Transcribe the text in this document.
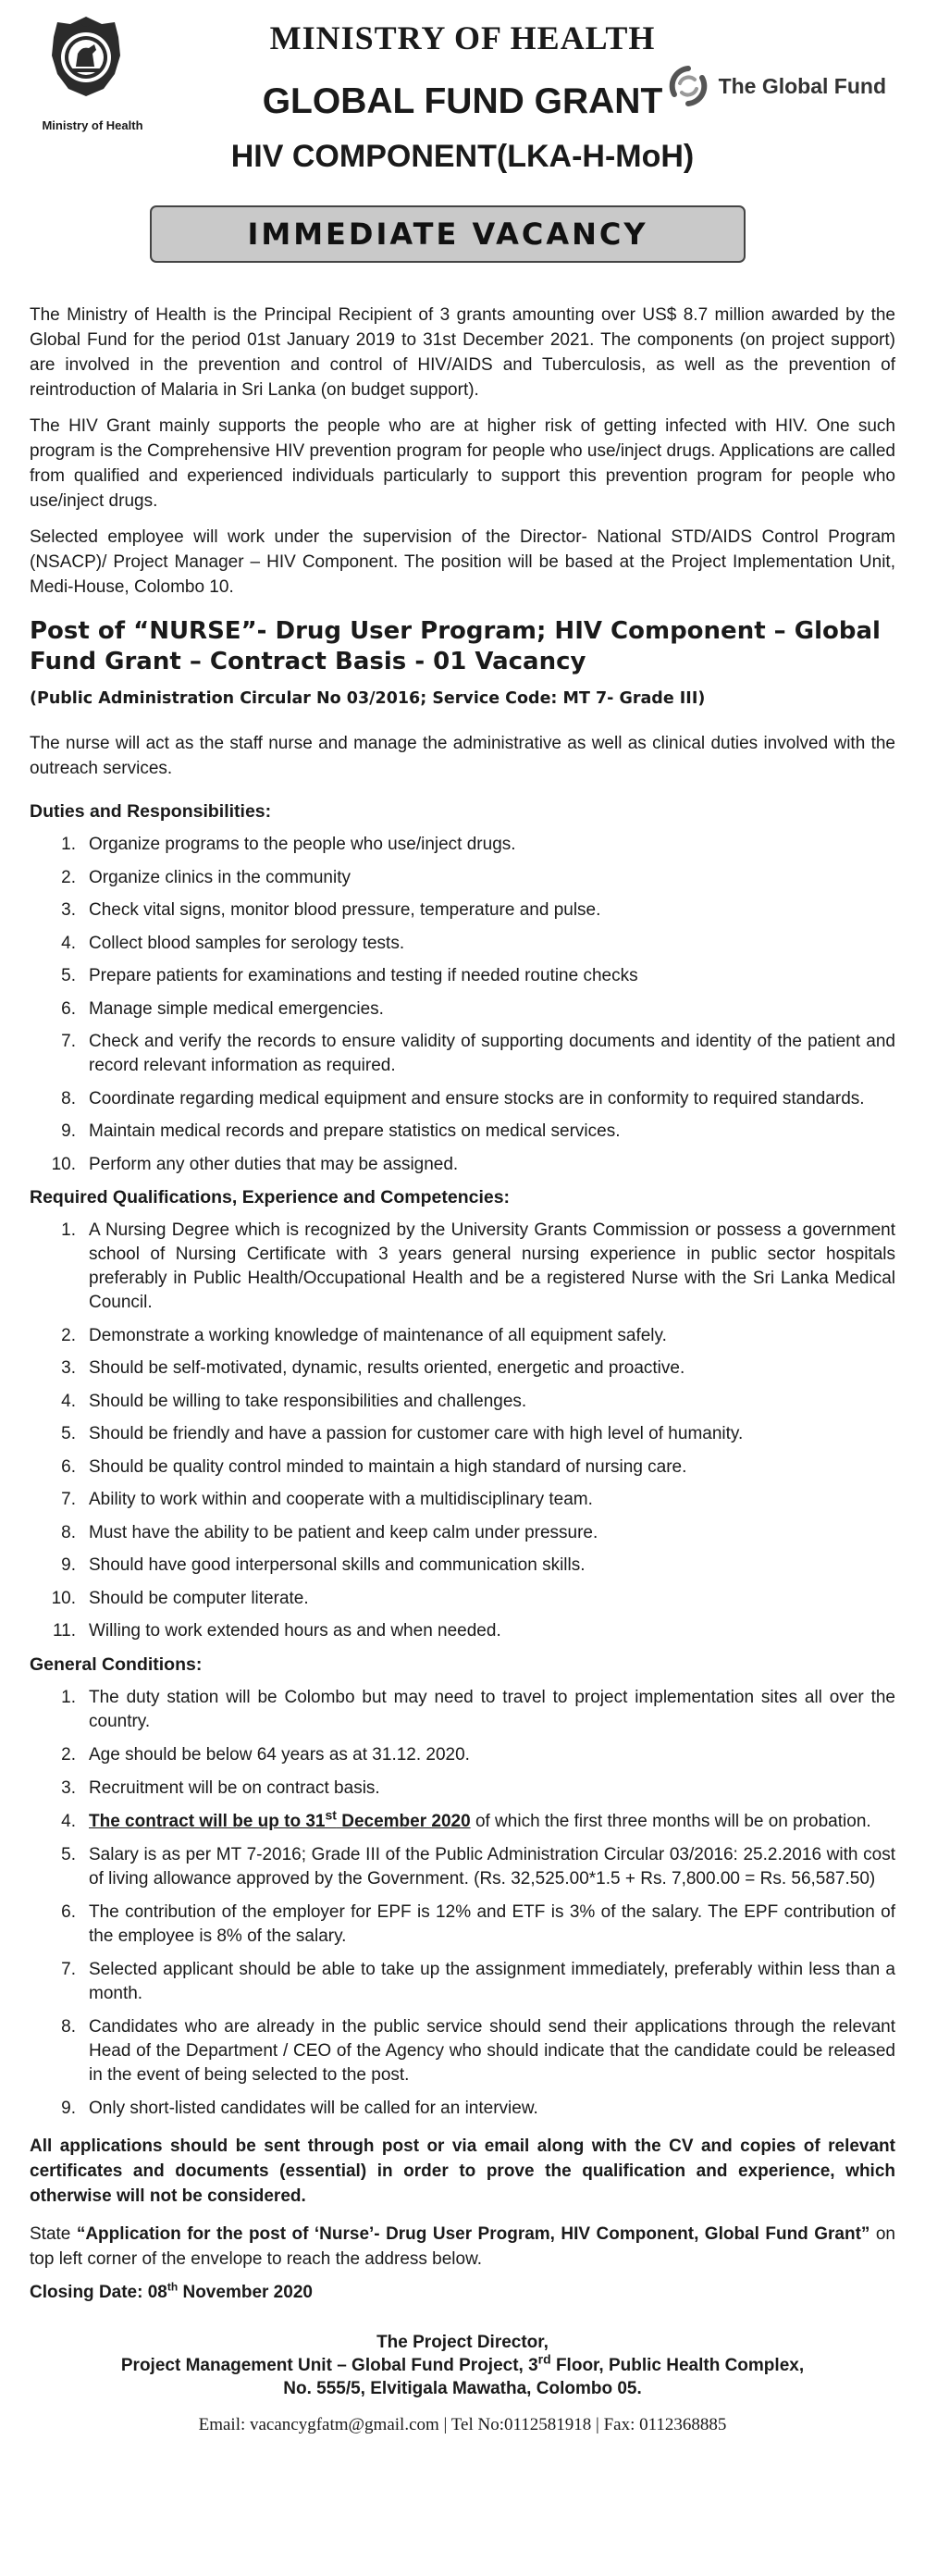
Ministry of Health
MINISTRY OF HEALTH
GLOBAL FUND GRANT
HIV COMPONENT(LKA-H-MoH)
The Global Fund
IMMEDIATE VACANCY

The Ministry of Health is the Principal Recipient of 3 grants amounting over US$ 8.7 million awarded by the Global Fund for the period 01st January 2019 to 31st December 2021. The components (on project support) are involved in the prevention and control of HIV/AIDS and Tuberculosis, as well as the prevention of reintroduction of Malaria in Sri Lanka (on budget support).

The HIV Grant mainly supports the people who are at higher risk of getting infected with HIV. One such program is the Comprehensive HIV prevention program for people who use/inject drugs. Applications are called from qualified and experienced individuals particularly to support this prevention program for people who use/inject drugs.

Selected employee will work under the supervision of the Director- National STD/AIDS Control Program (NSACP)/ Project Manager – HIV Component. The position will be based at the Project Implementation Unit, Medi-House, Colombo 10.

Post of “NURSE”- Drug User Program; HIV Component – Global Fund Grant – Contract Basis - 01 Vacancy
(Public Administration Circular No 03/2016; Service Code: MT 7- Grade III)

The nurse will act as the staff nurse and manage the administrative as well as clinical duties involved with the outreach services.

Duties and Responsibilities:
1. Organize programs to the people who use/inject drugs.
2. Organize clinics in the community
3. Check vital signs, monitor blood pressure, temperature and pulse.
4. Collect blood samples for serology tests.
5. Prepare patients for examinations and testing if needed routine checks
6. Manage simple medical emergencies.
7. Check and verify the records to ensure validity of supporting documents and identity of the patient and record relevant information as required.
8. Coordinate regarding medical equipment and ensure stocks are in conformity to required standards.
9. Maintain medical records and prepare statistics on medical services.
10. Perform any other duties that may be assigned.
Required Qualifications, Experience and Competencies:
1. A Nursing Degree which is recognized by the University Grants Commission or possess a government school of Nursing Certificate with 3 years general nursing experience in public sector hospitals preferably in Public Health/Occupational Health and be a registered Nurse with the Sri Lanka Medical Council.
2. Demonstrate a working knowledge of maintenance of all equipment safely.
3. Should be self-motivated, dynamic, results oriented, energetic and proactive.
4. Should be willing to take responsibilities and challenges.
5. Should be friendly and have a passion for customer care with high level of humanity.
6. Should be quality control minded to maintain a high standard of nursing care.
7. Ability to work within and cooperate with a multidisciplinary team.
8. Must have the ability to be patient and keep calm under pressure.
9. Should have good interpersonal skills and communication skills.
10. Should be computer literate.
11. Willing to work extended hours as and when needed.
General Conditions:
1. The duty station will be Colombo but may need to travel to project implementation sites all over the country.
2. Age should be below 64 years as at 31.12. 2020.
3. Recruitment will be on contract basis.
4. The contract will be up to 31st December 2020 of which the first three months will be on probation.
5. Salary is as per MT 7-2016; Grade III of the Public Administration Circular 03/2016: 25.2.2016 with cost of living allowance approved by the Government. (Rs. 32,525.00*1.5 + Rs. 7,800.00 = Rs. 56,587.50)
6. The contribution of the employer for EPF is 12% and ETF is 3% of the salary. The EPF contribution of the employee is 8% of the salary.
7. Selected applicant should be able to take up the assignment immediately, preferably within less than a month.
8. Candidates who are already in the public service should send their applications through the relevant Head of the Department / CEO of the Agency who should indicate that the candidate could be released in the event of being selected to the post.
9. Only short-listed candidates will be called for an interview.

All applications should be sent through post or via email along with the CV and copies of relevant certificates and documents (essential) in order to prove the qualification and experience, which otherwise will not be considered.

State “Application for the post of ‘Nurse’- Drug User Program, HIV Component, Global Fund Grant” on top left corner of the envelope to reach the address below.

Closing Date: 08th November 2020

The Project Director,
Project Management Unit – Global Fund Project, 3rd Floor, Public Health Complex,
No. 555/5, Elvitigala Mawatha, Colombo 05.
Email: vacancygfatm@gmail.com | Tel No:0112581918 | Fax: 0112368885
